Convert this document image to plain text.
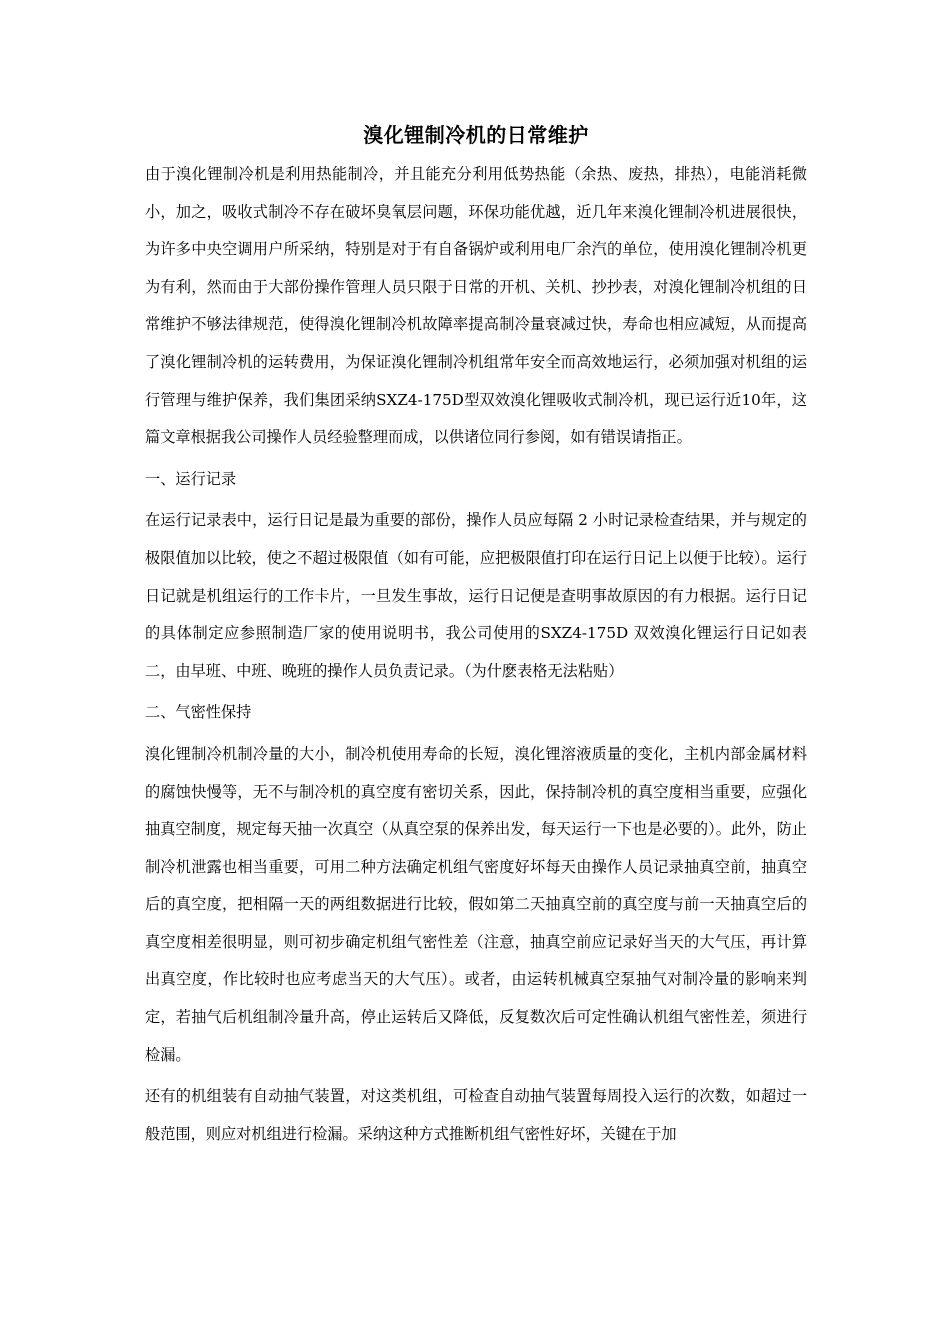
溴化锂制冷机的日常维护

由于溴化锂制冷机是利用热能制冷，并且能充分利用低势热能（余热、废热，排热），电能消耗微小，加之，吸收式制冷不存在破坏臭氧层问题，环保功能优越，近几年来溴化锂制冷机进展很快，为许多中央空调用户所采纳，特别是对于有自备锅炉或利用电厂余汽的单位，使用溴化锂制冷机更为有利，然而由于大部份操作管理人员只限于日常的开机、关机、抄抄表，对溴化锂制冷机组的日常维护不够法律规范，使得溴化锂制冷机故障率提高制冷量衰减过快，寿命也相应减短，从而提高了溴化锂制冷机的运转费用，为保证溴化锂制冷机组常年安全而高效地运行，必须加强对机组的运行管理与维护保养，我们集团采纳SXZ4-175D型双效溴化锂吸收式制冷机，现已运行近10年，这篇文章根据我公司操作人员经验整理而成，以供诸位同行参阅，如有错误请指正。

一、运行记录

在运行记录表中，运行日记是最为重要的部份，操作人员应每隔 2 小时记录检查结果，并与规定的极限值加以比较，使之不超过极限值（如有可能，应把极限值打印在运行日记上以便于比较）。运行日记就是机组运行的工作卡片，一旦发生事故，运行日记便是查明事故原因的有力根据。运行日记的具体制定应参照制造厂家的使用说明书，我公司使用的SXZ4-175D 双效溴化锂运行日记如表二，由早班、中班、晚班的操作人员负责记录。（为什麽表格无法粘贴）

二、气密性保持

溴化锂制冷机制冷量的大小，制冷机使用寿命的长短，溴化锂溶液质量的变化，主机内部金属材料的腐蚀快慢等，无不与制冷机的真空度有密切关系，因此，保持制冷机的真空度相当重要，应强化抽真空制度，规定每天抽一次真空（从真空泵的保养出发，每天运行一下也是必要的）。此外，防止制冷机泄露也相当重要，可用二种方法确定机组气密度好坏每天由操作人员记录抽真空前，抽真空后的真空度，把相隔一天的两组数据进行比较，假如第二天抽真空前的真空度与前一天抽真空后的真空度相差很明显，则可初步确定机组气密性差（注意，抽真空前应记录好当天的大气压，再计算出真空度，作比较时也应考虑当天的大气压）。或者，由运转机械真空泵抽气对制冷量的影响来判定，若抽气后机组制冷量升高，停止运转后又降低，反复数次后可定性确认机组气密性差，须进行检漏。

还有的机组装有自动抽气装置，对这类机组，可检查自动抽气装置每周投入运行的次数，如超过一般范围，则应对机组进行检漏。采纳这种方式推断机组气密性好坏，关键在于加
